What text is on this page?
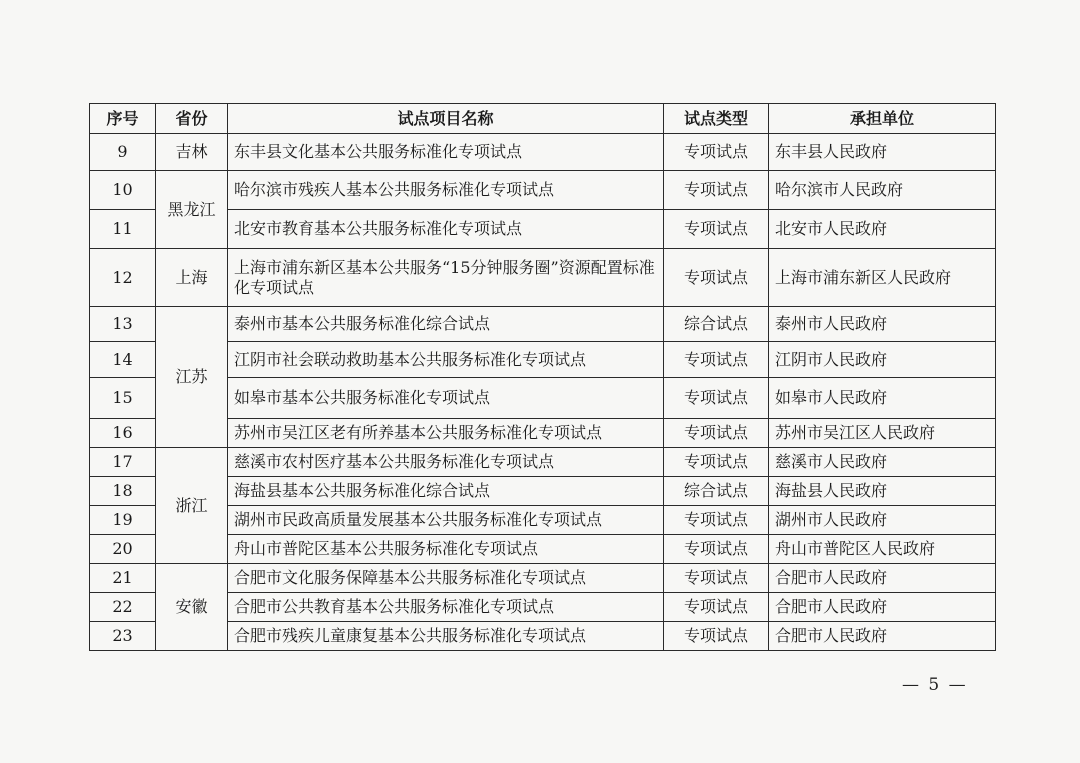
序号	省份	试点项目名称	试点类型	承担单位
9	吉林	东丰县文化基本公共服务标准化专项试点	专项试点	东丰县人民政府
10	黑龙江	哈尔滨市残疾人基本公共服务标准化专项试点	专项试点	哈尔滨市人民政府
11		北安市教育基本公共服务标准化专项试点	专项试点	北安市人民政府
12	上海	上海市浦东新区基本公共服务“15分钟服务圈”资源配置标准化专项试点	专项试点	上海市浦东新区人民政府
13	江苏	泰州市基本公共服务标准化综合试点	综合试点	泰州市人民政府
14		江阴市社会联动救助基本公共服务标准化专项试点	专项试点	江阴市人民政府
15		如皋市基本公共服务标准化专项试点	专项试点	如皋市人民政府
16		苏州市吴江区老有所养基本公共服务标准化专项试点	专项试点	苏州市吴江区人民政府
17	浙江	慈溪市农村医疗基本公共服务标准化专项试点	专项试点	慈溪市人民政府
18		海盐县基本公共服务标准化综合试点	综合试点	海盐县人民政府
19		湖州市民政高质量发展基本公共服务标准化专项试点	专项试点	湖州市人民政府
20		舟山市普陀区基本公共服务标准化专项试点	专项试点	舟山市普陀区人民政府
21	安徽	合肥市文化服务保障基本公共服务标准化专项试点	专项试点	合肥市人民政府
22		合肥市公共教育基本公共服务标准化专项试点	专项试点	合肥市人民政府
23		合肥市残疾儿童康复基本公共服务标准化专项试点	专项试点	合肥市人民政府
— 5 —
